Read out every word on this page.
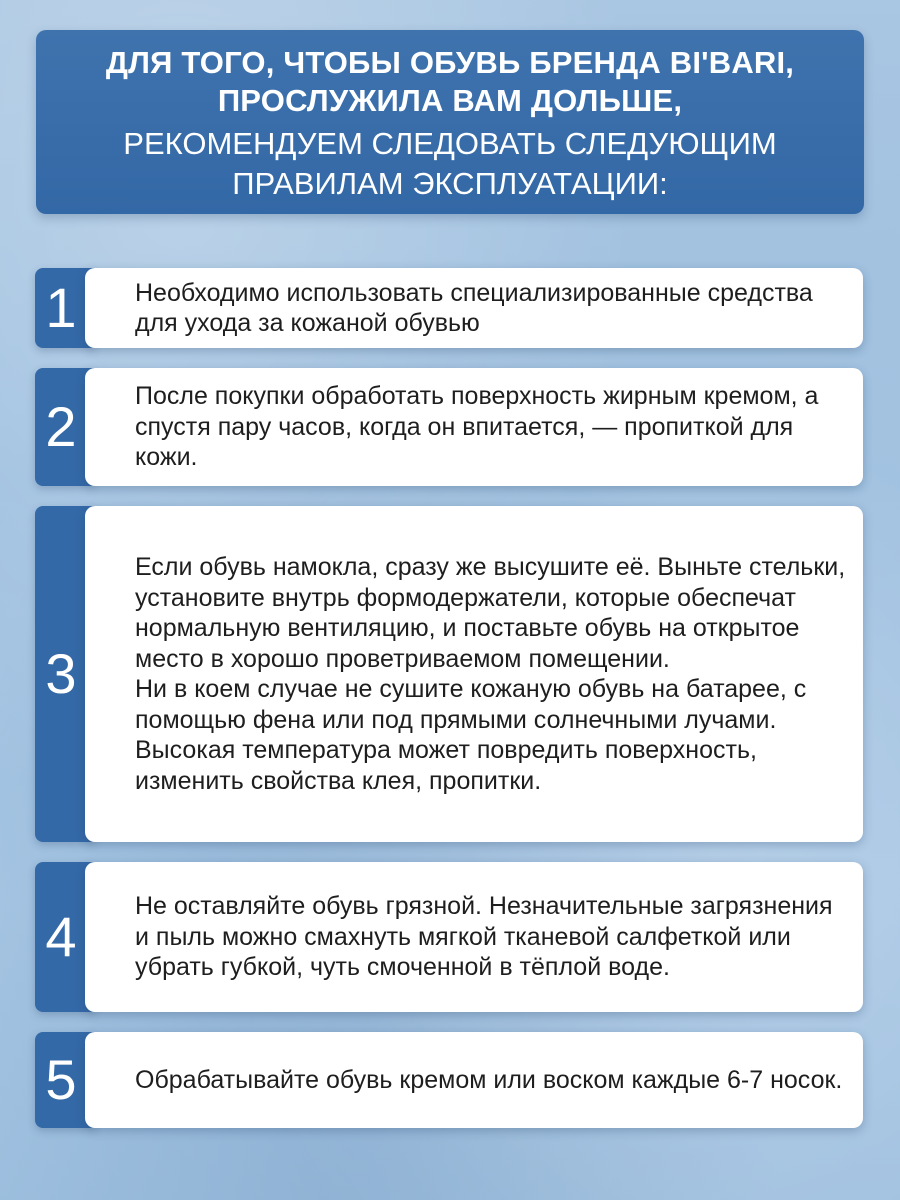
ДЛЯ ТОГО, ЧТОБЫ ОБУВЬ БРЕНДА BI'BARI,
ПРОСЛУЖИЛА ВАМ ДОЛЬШЕ,
РЕКОМЕНДУЕМ СЛЕДОВАТЬ СЛЕДУЮЩИМ
ПРАВИЛАМ ЭКСПЛУАТАЦИИ:
1	Необходимо использовать специализированные средства для ухода за кожаной обувью

2	После покупки обработать поверхность жирным кремом, а спустя пару часов, когда он впитается, — пропиткой для кожи.

3

Если обувь намокла, сразу же высушите её. Выньте стельки, установите внутрь формодержатели, которые обеспечат нормальную вентиляцию, и поставьте обувь на открытое место в хорошо проветриваемом помещении.

Ни в коем случае не сушите кожаную обувь на батарее, с помощью фена или под прямыми солнечными лучами. Высокая температура может повредить поверхность, изменить свойства клея, пропитки.

4	Не оставляйте обувь грязной. Незначительные загрязнения и пыль можно смахнуть мягкой тканевой салфеткой или убрать губкой, чуть смоченной в тёплой воде.

5	Обрабатывайте обувь кремом или воском каждые 6-7 носок.
